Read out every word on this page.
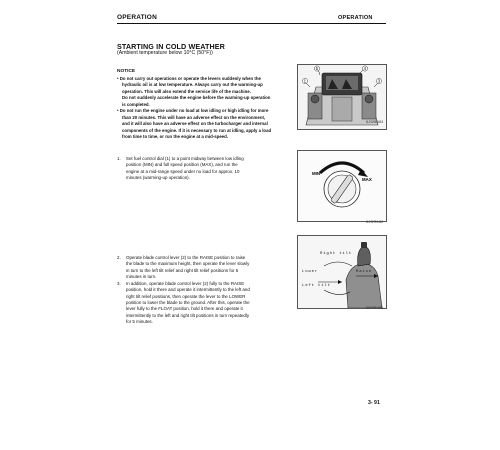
OPERATION	OPERATION
STARTING IN COLD WEATHER
(Ambient temperature below 10°C (50°F))
NOTICE

• Do not carry out operations or operate the levers suddenly when the

hydraulic oil is at low temperature. Always carry out the warming-up

operation. This will also extend the service life of the machine.

Do not suddenly accelerate the engine before the warming-up operation

is completed.

• Do not run the engine under no load at low idling or high idling for more

than 20 minutes. This will have an adverse effect on the environment,

and it will also have an adverse effect on the turbocharger and internal

components of the engine. If it is necessary to run at idling, apply a load

from time to time, or run the engine at a mid-speed.

5	4
3
1
9J5M8483
1. Set fuel control dial (1) to a point midway between low idling
position (MIN) and full speed position (MAX), and run the
engine at a mid-range speed under no load for approx. 10
minutes (warming-up operation).
MIN
MAX
9J5M5192
2. Operate blade control lever (2) to the RAISE position to raise
the blade to the maximum height, then operate the lever slowly
in turn to the left tilt relief and right tilt relief positions for 5
minutes in turn.
3. In addition, operate blade control lever (2) fully to the RAISE
position, hold it there and operate it intermittently to the left and
right tilt relief positions, then operate the lever to the LOWER
position to lower the blade to the ground. After this, operate the
lever fully to the FLOAT position, hold it there and operate it
intermittently to the left and right tilt positions in turn repeatedly
for 5 minutes.
Right tilt
Lower	Raise
Left tilt
9K5M5483
3- 91
